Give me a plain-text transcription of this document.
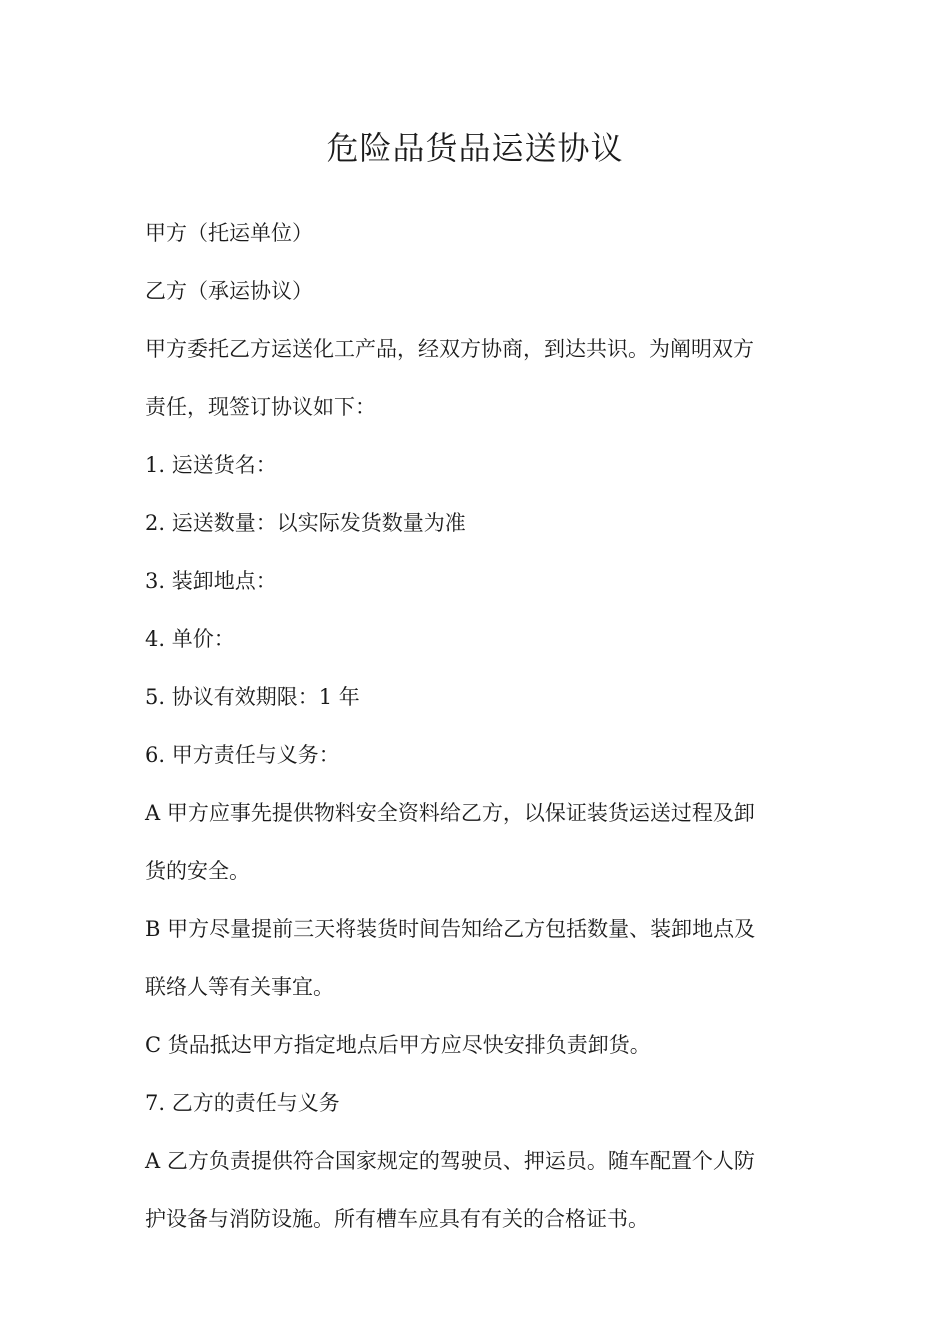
危险品货品运送协议

甲方（托运单位）

乙方（承运协议）

甲方委托乙方运送化工产品，经双方协商，到达共识。为阐明双方

责任，现签订协议如下：

1. 运送货名：

2. 运送数量：以实际发货数量为准

3. 装卸地点：

4. 单价：

5. 协议有效期限：1 年

6. 甲方责任与义务：

A 甲方应事先提供物料安全资料给乙方，以保证装货运送过程及卸

货的安全。

B 甲方尽量提前三天将装货时间告知给乙方包括数量、装卸地点及

联络人等有关事宜。

C 货品抵达甲方指定地点后甲方应尽快安排负责卸货。

7. 乙方的责任与义务

A 乙方负责提供符合国家规定的驾驶员、押运员。随车配置个人防

护设备与消防设施。所有槽车应具有有关的合格证书。
